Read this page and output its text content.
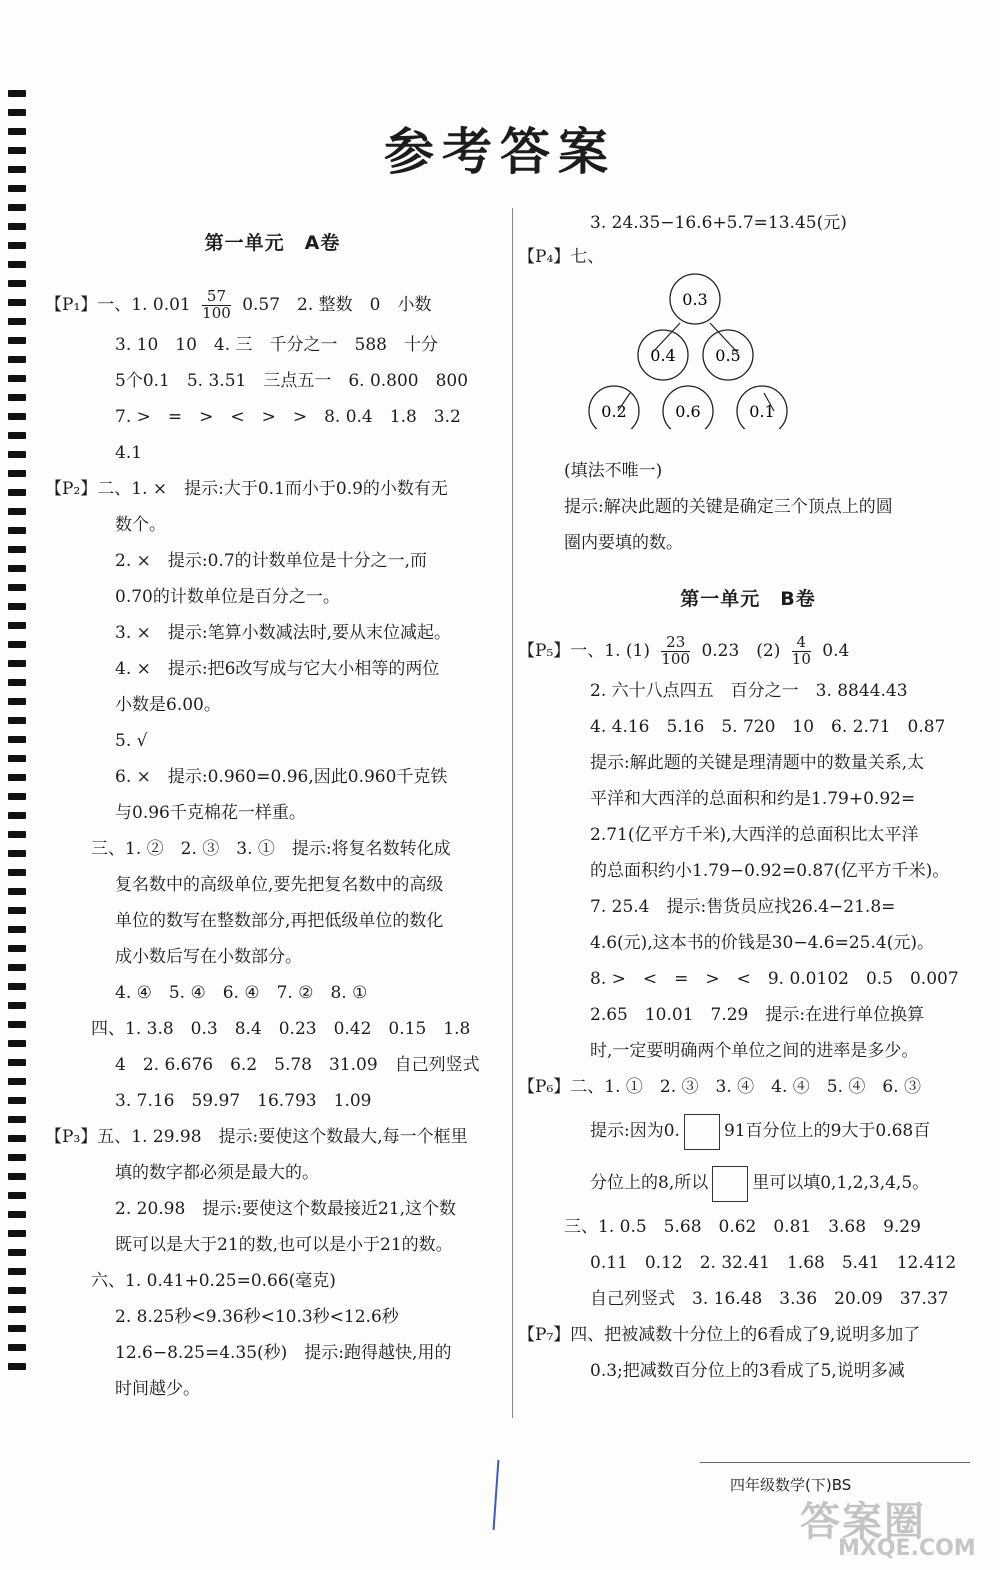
参考答案
第一单元　A卷
【P₁】一、1. $0.01 \frac{57}{100} 0.57$　2. 整数　0　小数
3. 10　10　4. 三　千分之一　588　十分
5个0.1　5. 3.51　三点五一　6. 0.800　800
7. >　=　>　<　>　>　8. 0.4　1.8　3.2
4.1
【P₂】二、1. ×　提示:大于0.1而小于0.9的小数有无
数个。
2. ×　提示:0.7的计数单位是十分之一,而
0.70的计数单位是百分之一。
3. ×　提示:笔算小数减法时,要从末位减起。
4. ×　提示:把6改写成与它大小相等的两位
小数是6.00。
5. √
6. ×　提示:0.960=0.96,因此0.960千克铁
与0.96千克棉花一样重。
三、1. ②　2. ③　3. ①　提示:将复名数转化成
复名数中的高级单位,要先把复名数中的高级
单位的数写在整数部分,再把低级单位的数化
成小数后写在小数部分。
4. ④　5. ④　6. ④　7. ②　8. ①
四、1. 3.8　0.3　8.4　0.23　0.42　0.15　1.8
4　2. 6.676　6.2　5.78　31.09　自己列竖式
3. 7.16　59.97　16.793　1.09
【P₃】五、1. 29.98　提示:要使这个数最大,每一个框里
填的数字都必须是最大的。
2. 20.98　提示:要使这个数最接近21,这个数
既可以是大于21的数,也可以是小于21的数。
六、1. 0.41+0.25=0.66(毫克)
2. 8.25秒<9.36秒<10.3秒<12.6秒
12.6−8.25=4.35(秒)　提示:跑得越快,用的
时间越少。
3. 24.35−16.6+5.7=13.45(元)
【P₄】七、
0.3
0.4 0.5
0.2	0.6	0.1
(填法不唯一)
提示:解决此题的关键是确定三个顶点上的圆
圈内要填的数。
第一单元　B卷
【P₅】一、1. $(1) \frac{23}{100} 0.23$　$(2) \frac{4}{10} 0.4$
2. 六十八点四五　百分之一　3. 8844.43
4. 4.16　5.16　5. 720　10　6. 2.71　0.87
提示:解此题的关键是理清题中的数量关系,太
平洋和大西洋的总面积和约是1.79+0.92=
2.71(亿平方千米),大西洋的总面积比太平洋
的总面积约小1.79−0.92=0.87(亿平方千米)。
7. 25.4　提示:售货员应找26.4−21.8=
4.6(元),这本书的价钱是30−4.6=25.4(元)。
8. >　<　=　>　<　9. 0.0102　0.5　0.007
2.65　10.01　7.29　提示:在进行单位换算
时,一定要明确两个单位之间的进率是多少。
【P₆】二、1. ①　2. ③　3. ④　4. ④　5. ④　6. ③
提示:因为0.	91百分位上的9大于0.68百
分位上的8,所以	里可以填0,1,2,3,4,5。
三、1. 0.5　5.68　0.62　0.81　3.68　9.29
0.11　0.12　2. 32.41　1.68　5.41　12.412
自己列竖式　3. 16.48　3.36　20.09　37.37
【P₇】四、把被减数十分位上的6看成了9,说明多加了
0.3;把减数百分位上的3看成了5,说明多减
四年级数学(下)BS
答案圈
MXQE.COM
